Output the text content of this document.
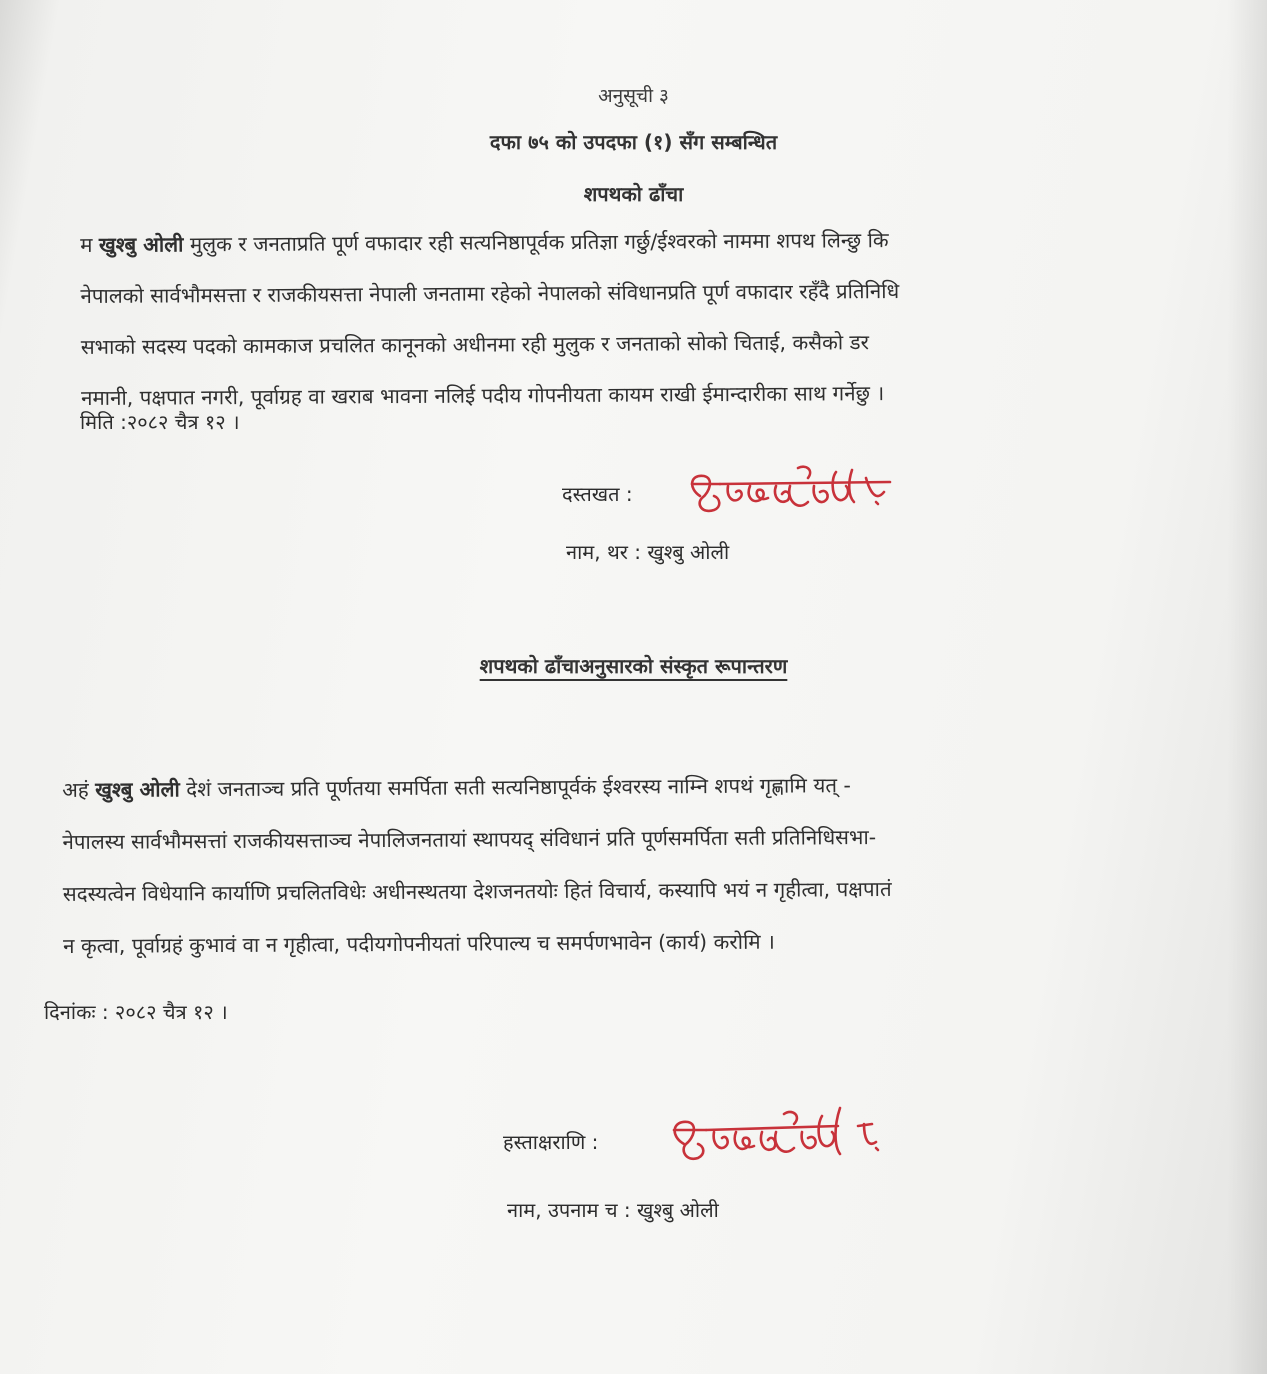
अनुसूची ३
दफा ७५ को उपदफा (१) सँग सम्बन्धित
शपथको ढाँचा
म खुश्बु ओली मुलुक र जनताप्रति पूर्ण वफादार रही सत्यनिष्ठापूर्वक प्रतिज्ञा गर्छु/ईश्वरको नाममा शपथ लिन्छु कि
नेपालको सार्वभौमसत्ता र राजकीयसत्ता नेपाली जनतामा रहेको नेपालको संविधानप्रति पूर्ण वफादार रहँदै प्रतिनिधि
सभाको सदस्य पदको कामकाज प्रचलित कानूनको अधीनमा रही मुलुक र जनताको सोको चिताई, कसैको डर
नमानी, पक्षपात नगरी, पूर्वाग्रह वा खराब भावना नलिई पदीय गोपनीयता कायम राखी ईमान्दारीका साथ गर्नेछु ।
मिति :२०८२ चैत्र १२ ।
दस्तखत :
नाम, थर : खुश्बु ओली
शपथको ढाँचाअनुसारको संस्कृत रूपान्तरण
अहं खुश्बु ओली देशं जनताञ्च प्रति पूर्णतया समर्पिता सती सत्यनिष्ठापूर्वकं ईश्वरस्य नाम्नि शपथं गृह्णामि यत् -
नेपालस्य सार्वभौमसत्तां राजकीयसत्ताञ्च नेपालिजनतायां स्थापयद् संविधानं प्रति पूर्णसमर्पिता सती प्रतिनिधिसभा-
सदस्यत्वेन विधेयानि कार्याणि प्रचलितविधेः अधीनस्थतया देशजनतयोः हितं विचार्य, कस्यापि भयं न गृहीत्वा, पक्षपातं
न कृत्वा, पूर्वाग्रहं कुभावं वा न गृहीत्वा, पदीयगोपनीयतां परिपाल्य च समर्पणभावेन (कार्य) करोमि ।
दिनांकः : २०८२ चैत्र १२ ।
हस्ताक्षराणि :
नाम, उपनाम च : खुश्बु ओली
